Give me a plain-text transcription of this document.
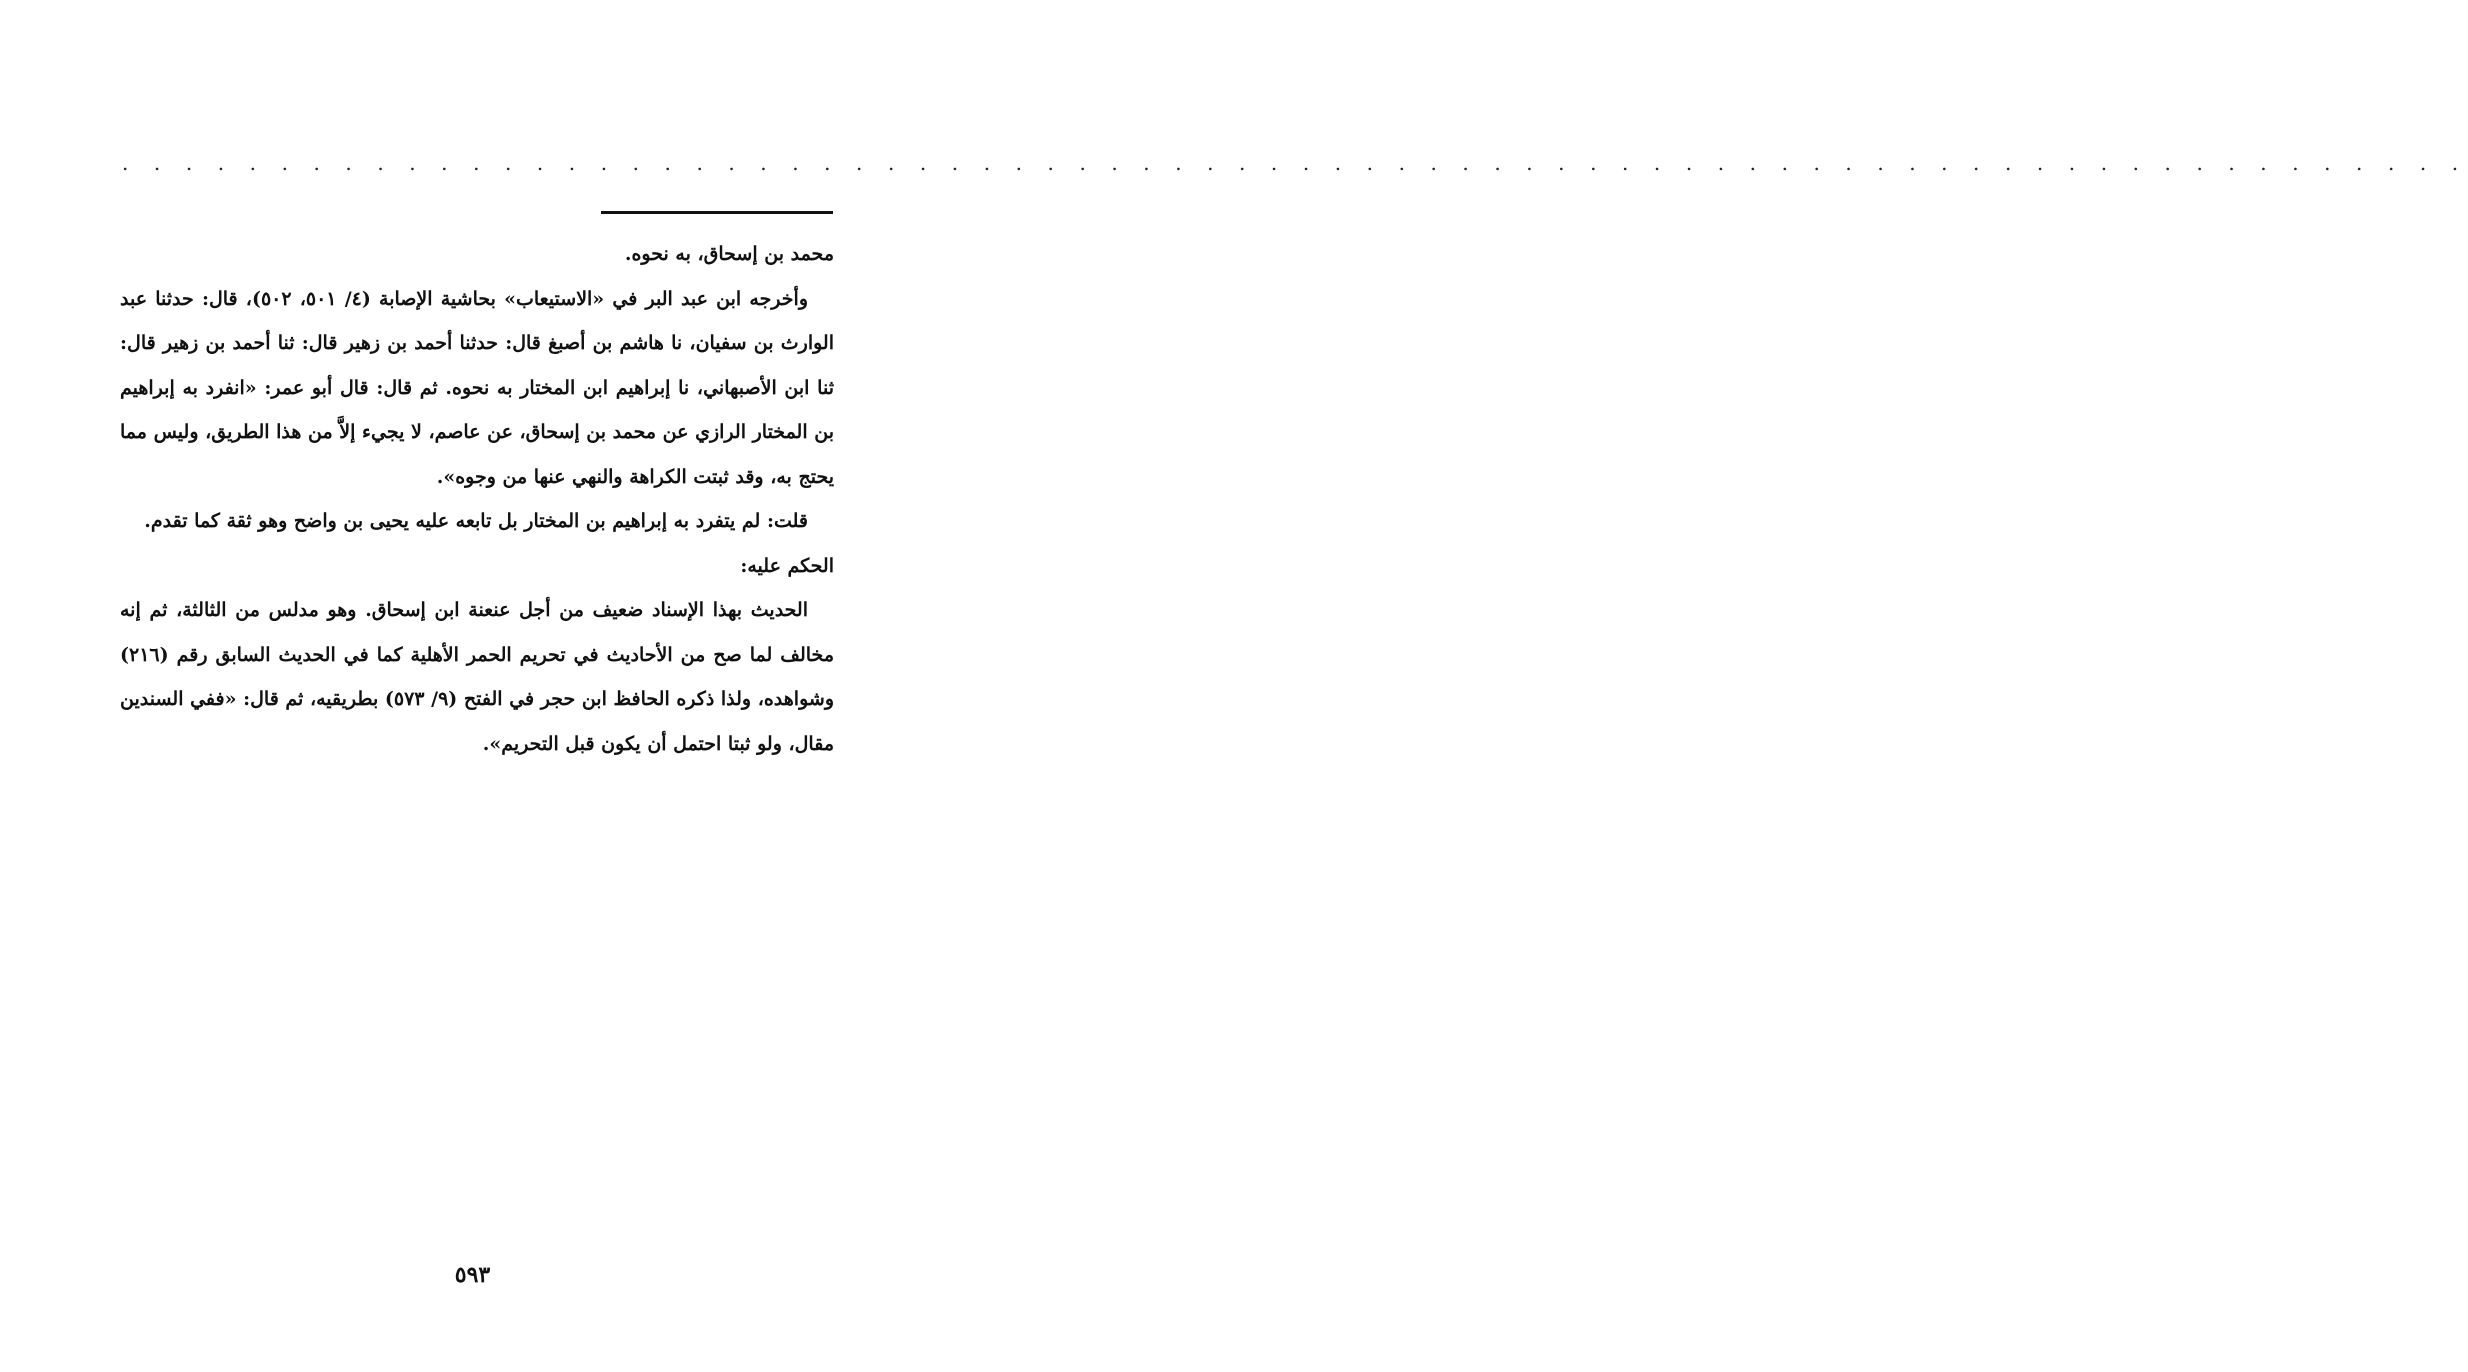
. . . . . . . . . . . . . . . . . . . . . . . . . . . . . . . . . . . . . . . . . . . . . . . . . . . . . . . . . . . . . . . . . . . . . . . . . .

محمد بن إسحاق، به نحوه.

وأخرجه ابن عبد البر في «الاستيعاب» بحاشية الإصابة (٤/ ٥٠١، ٥٠٢)، قال: حدثنا عبد الوارث بن سفيان، نا هاشم بن أصبغ قال: حدثنا أحمد بن زهير قال: ثنا أحمد بن زهير قال: ثنا ابن الأصبهاني، نا إبراهيم ابن المختار به نحوه. ثم قال: قال أبو عمر: «انفرد به إبراهيم بن المختار الرازي عن محمد بن إسحاق، عن عاصم، لا يجيء إلاَّ من هذا الطريق، وليس مما يحتج به، وقد ثبتت الكراهة والنهي عنها من وجوه».

قلت: لم يتفرد به إبراهيم بن المختار بل تابعه عليه يحيى بن واضح وهو ثقة كما تقدم.

الحكم عليه:

الحديث بهذا الإسناد ضعيف من أجل عنعنة ابن إسحاق. وهو مدلس من الثالثة، ثم إنه مخالف لما صح من الأحاديث في تحريم الحمر الأهلية كما في الحديث السابق رقم (٢١٦) وشواهده، ولذا ذكره الحافظ ابن حجر في الفتح (٩/ ٥٧٣) بطريقيه، ثم قال: «ففي السندين مقال، ولو ثبتا احتمل أن يكون قبل التحريم».

٥٩٣
